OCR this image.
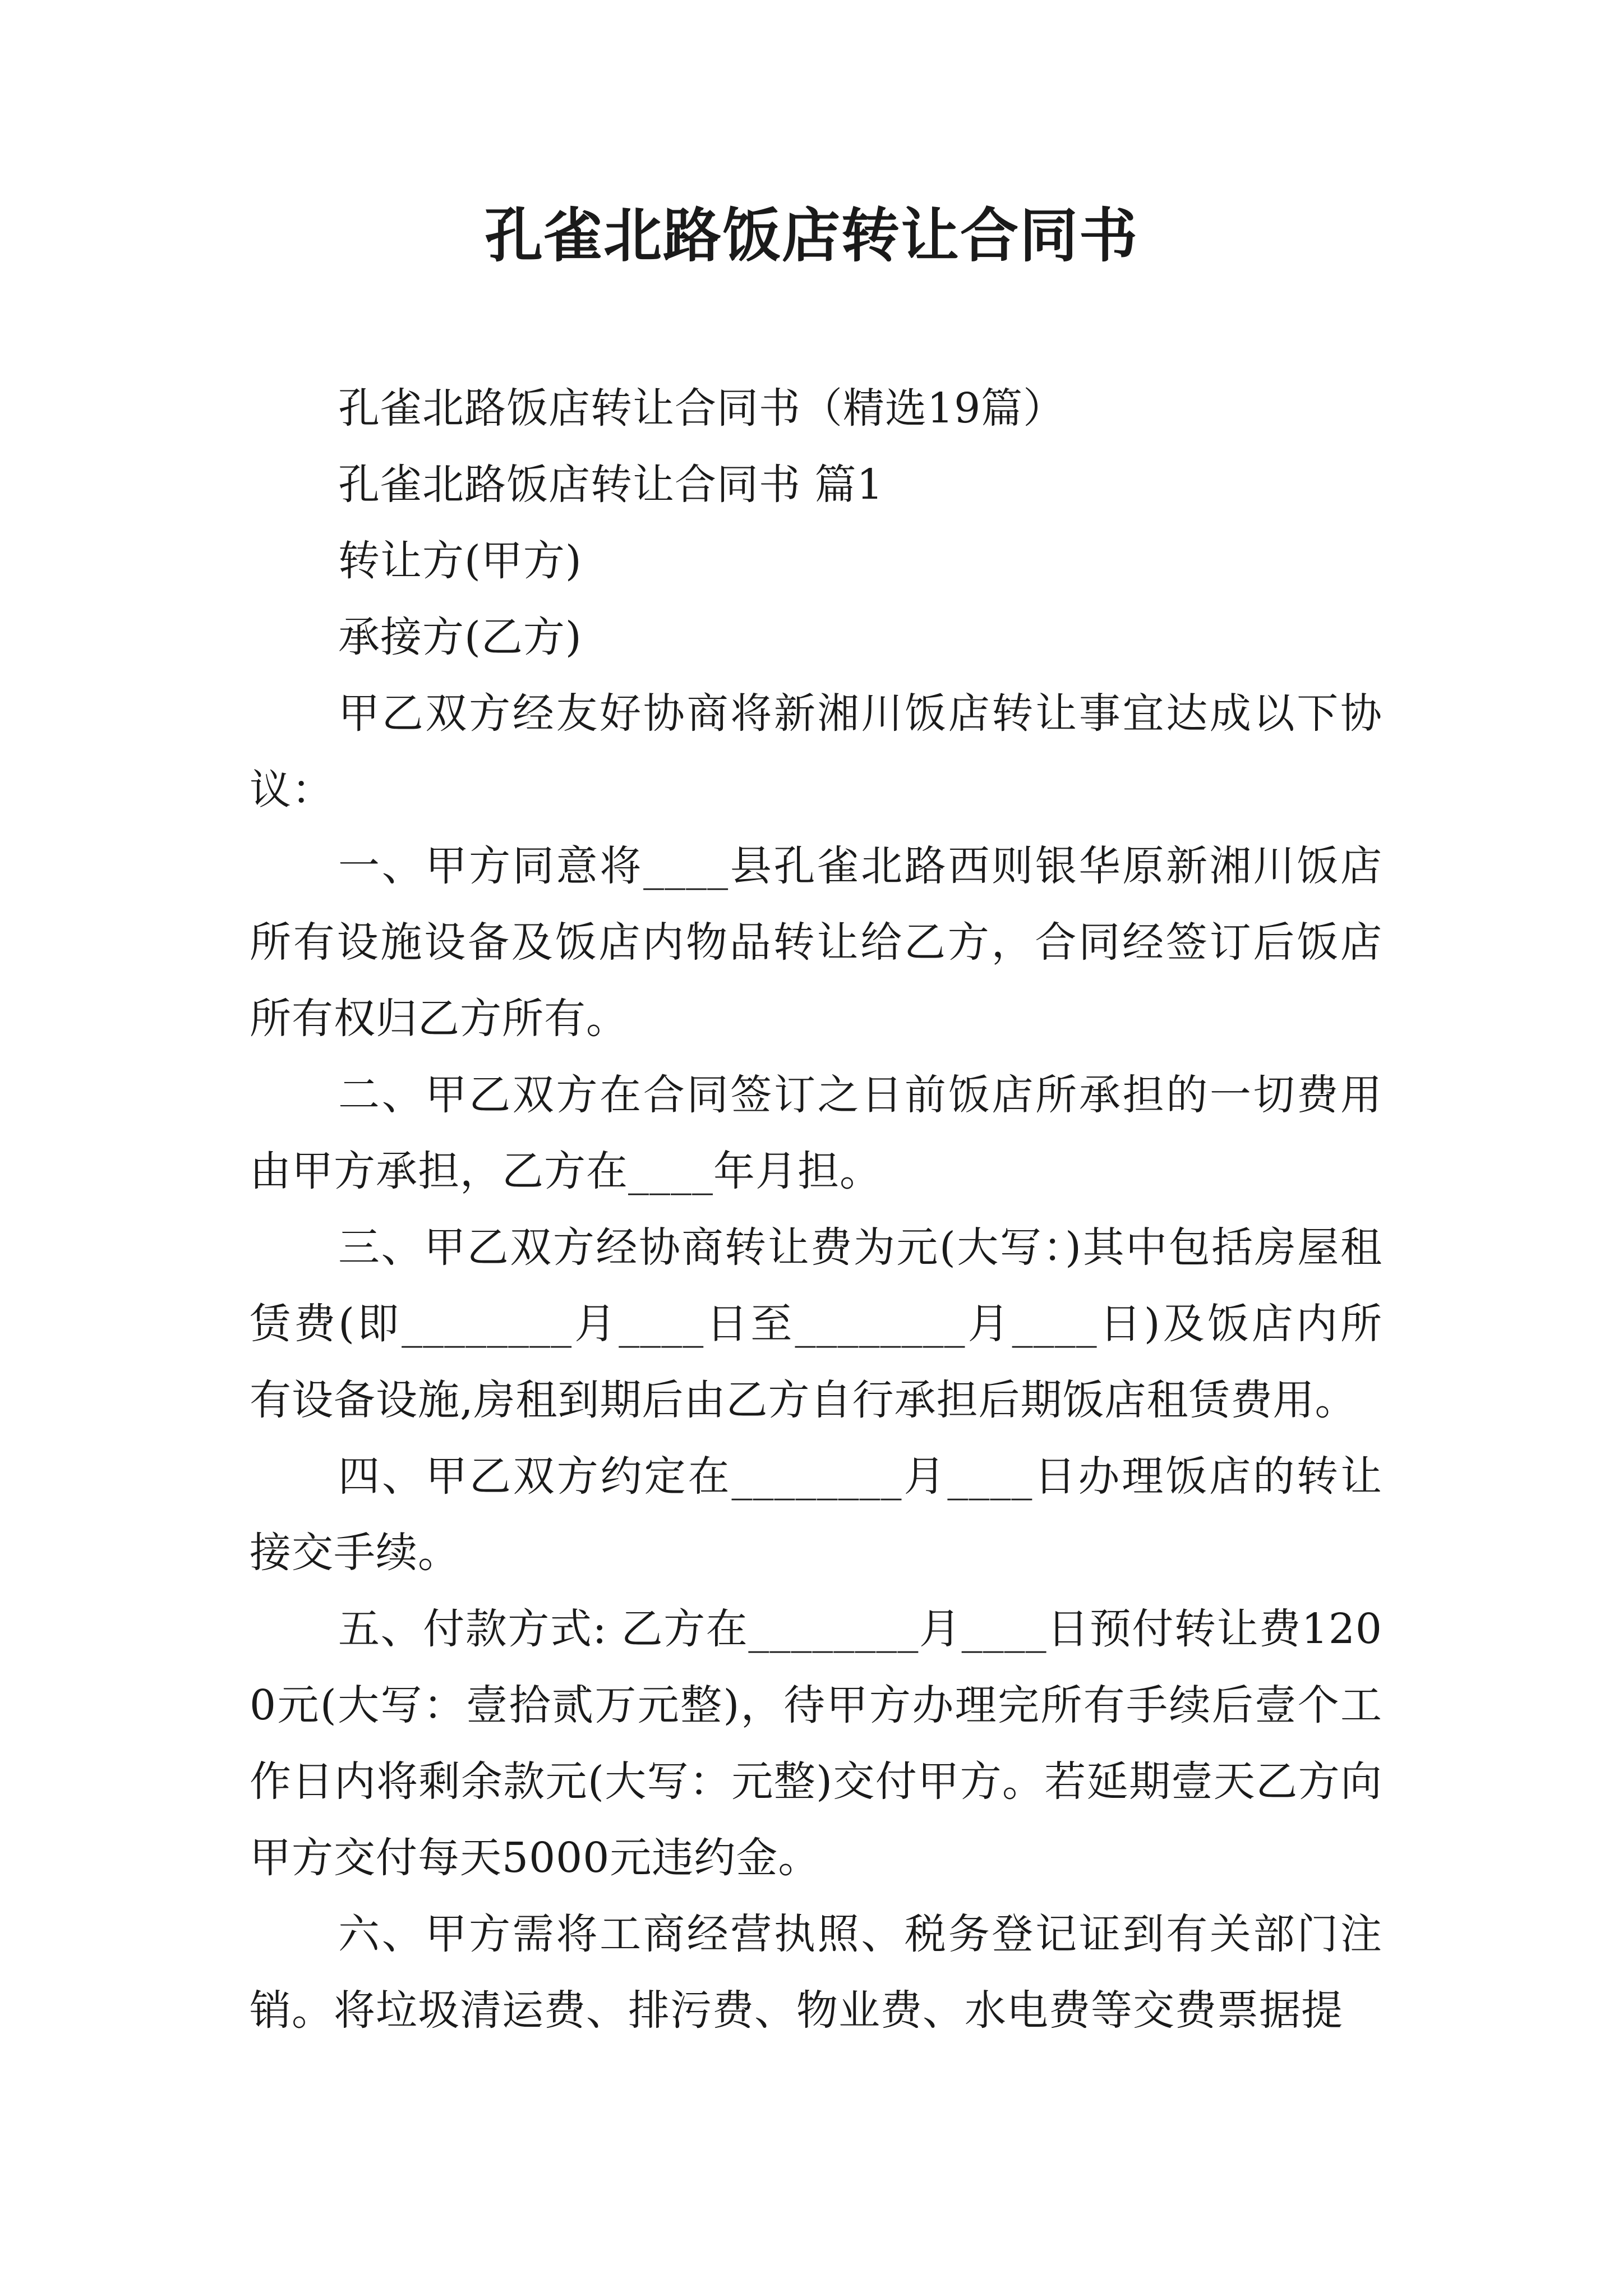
孔雀北路饭店转让合同书

孔雀北路饭店转让合同书（精选19篇）

孔雀北路饭店转让合同书 篇1

转让方(甲方)

承接方(乙方)

甲乙双方经友好协商将新湘川饭店转让事宜达成以下协议：

一、甲方同意将____县孔雀北路西则银华原新湘川饭店所有设施设备及饭店内物品转让给乙方，合同经签订后饭店所有权归乙方所有。

二、甲乙双方在合同签订之日前饭店所承担的一切费用由甲方承担，乙方在____年月担。

三、甲乙双方经协商转让费为元(大写：)其中包括房屋租赁费(即________月____日至________月____日)及饭店内所有设备设施,房租到期后由乙方自行承担后期饭店租赁费用。

四、甲乙双方约定在________月____日办理饭店的转让接交手续。

五、付款方式: 乙方在________月____日预付转让费1200元(大写：壹拾贰万元整)，待甲方办理完所有手续后壹个工作日内将剩余款元(大写：元整)交付甲方。若延期壹天乙方向甲方交付每天5000元违约金。

六、甲方需将工商经营执照、税务登记证到有关部门注销。将垃圾清运费、排污费、物业费、水电费等交费票据提
